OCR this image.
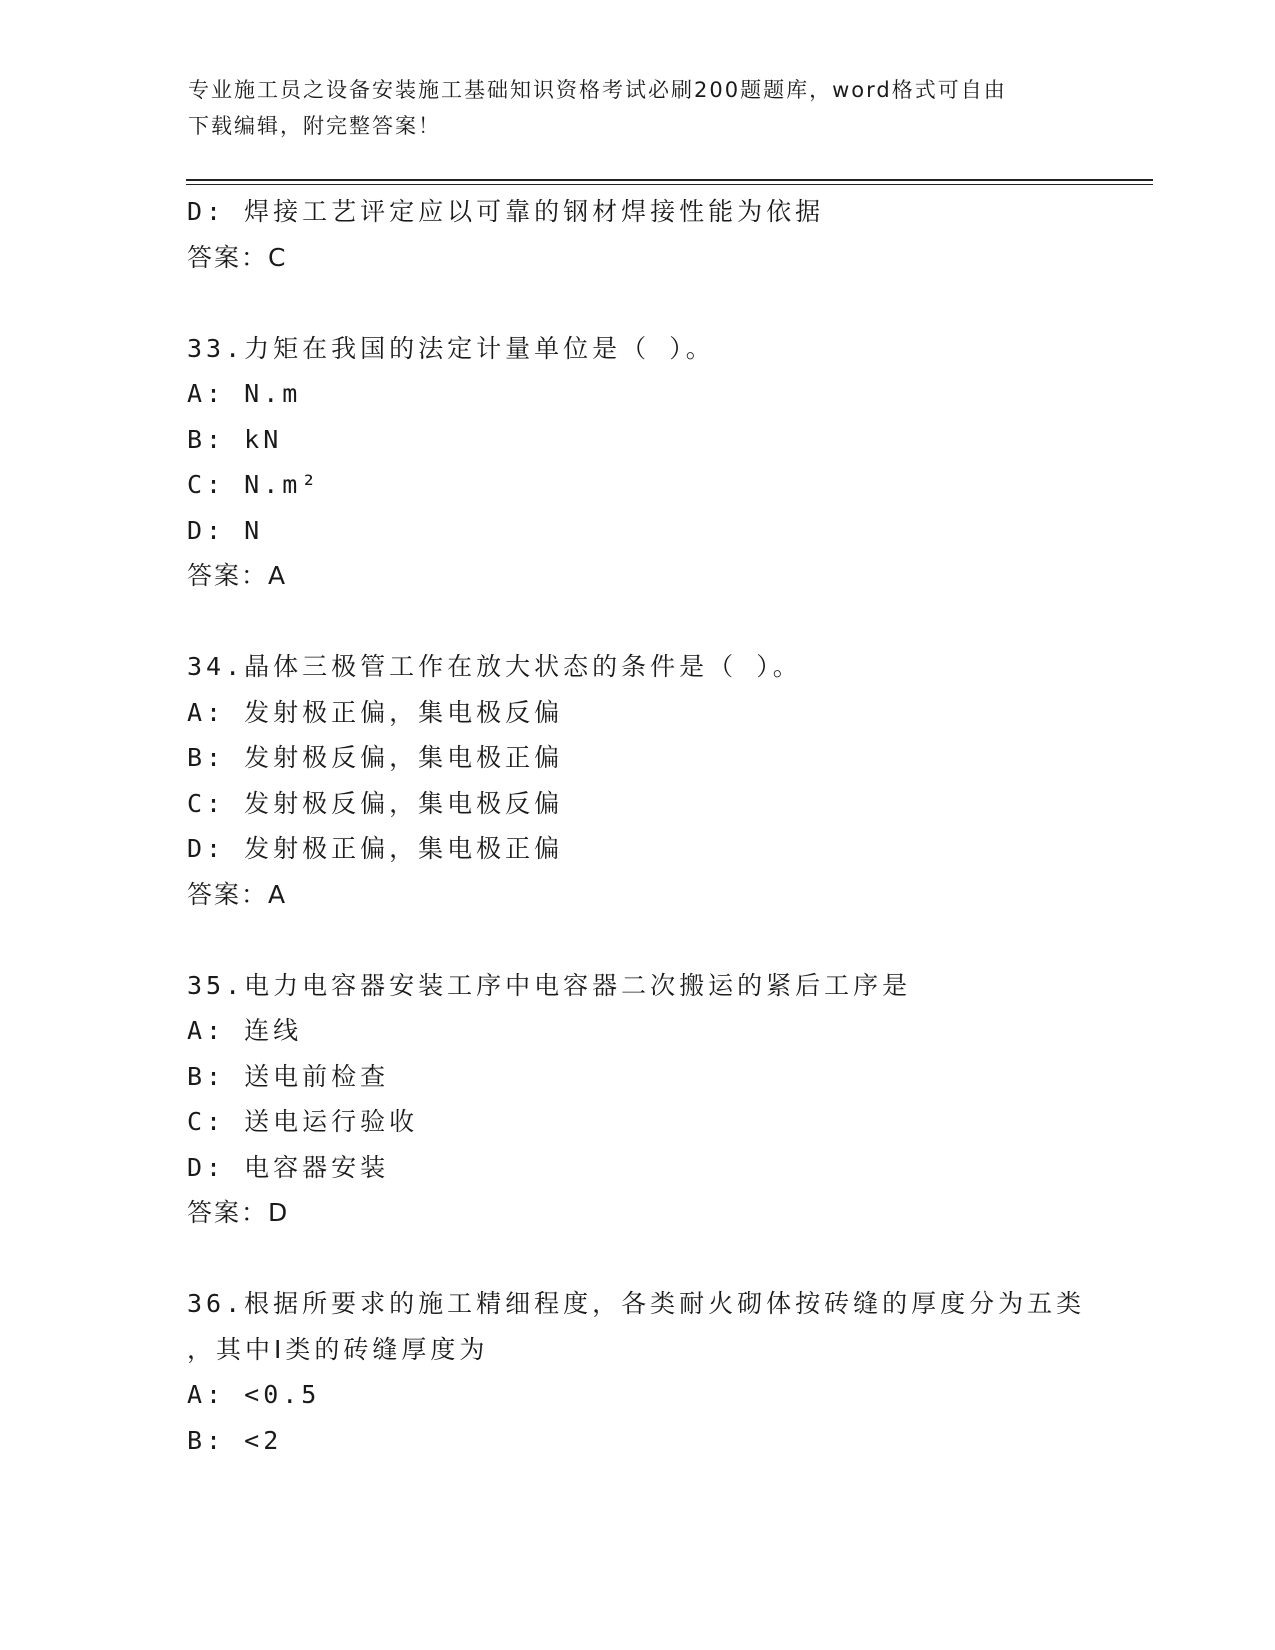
专业施工员之设备安装施工基础知识资格考试必刷200题题库，word格式可自由
下载编辑，附完整答案！
D: 焊接工艺评定应以可靠的钢材焊接性能为依据
答案：C
33.力矩在我国的法定计量单位是（ ）。
A: N.m
B: kN
C: N.m²
D: N
答案：A
34.晶体三极管工作在放大状态的条件是（ ）。
A: 发射极正偏，集电极反偏
B: 发射极反偏，集电极正偏
C: 发射极反偏，集电极反偏
D: 发射极正偏，集电极正偏
答案：A
35.电力电容器安装工序中电容器二次搬运的紧后工序是
A: 连线
B: 送电前检查
C: 送电运行验收
D: 电容器安装
答案：D
36.根据所要求的施工精细程度，各类耐火砌体按砖缝的厚度分为五类
，其中Ⅰ类的砖缝厚度为
A: <0.5
B: <2
